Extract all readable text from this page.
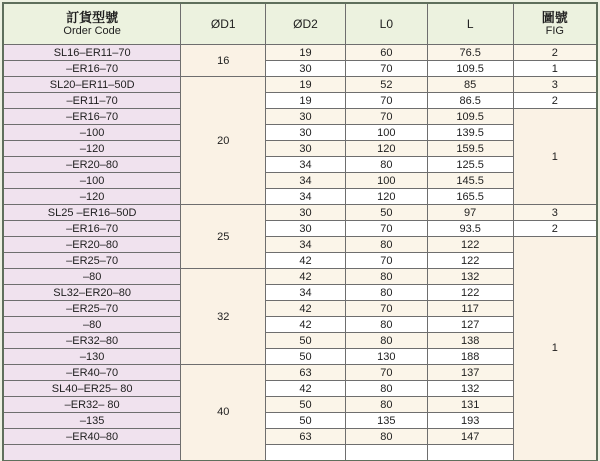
訂貨型號
Order Code	ØD1	ØD2	L0	L	圖號
FIG

SL16–ER11–70	16	19	60	76.5	2
–ER16–70		30	70	109.5	1
SL20–ER11–50D	20	19	52	85	3
–ER11–70		19	70	86.5	2
–ER16–70		30	70	109.5	1
–100		30	100	139.5	
–120		30	120	159.5	
–ER20–80		34	80	125.5	
–100		34	100	145.5	
–120		34	120	165.5	
SL25 –ER16–50D	25	30	50	97	3
–ER16–70		30	70	93.5	2
–ER20–80		34	80	122	1
–ER25–70		42	70	122	
–80	32	42	80	132	
SL32–ER20–80		34	80	122	
–ER25–70		42	70	117	
–80		42	80	127	
–ER32–80		50	80	138	
–130		50	130	188	
–ER40–70	40	63	70	137	
SL40–ER25– 80		42	80	132	
–ER32– 80		50	80	131	
–135		50	135	193	
–ER40–80		63	80	147	
